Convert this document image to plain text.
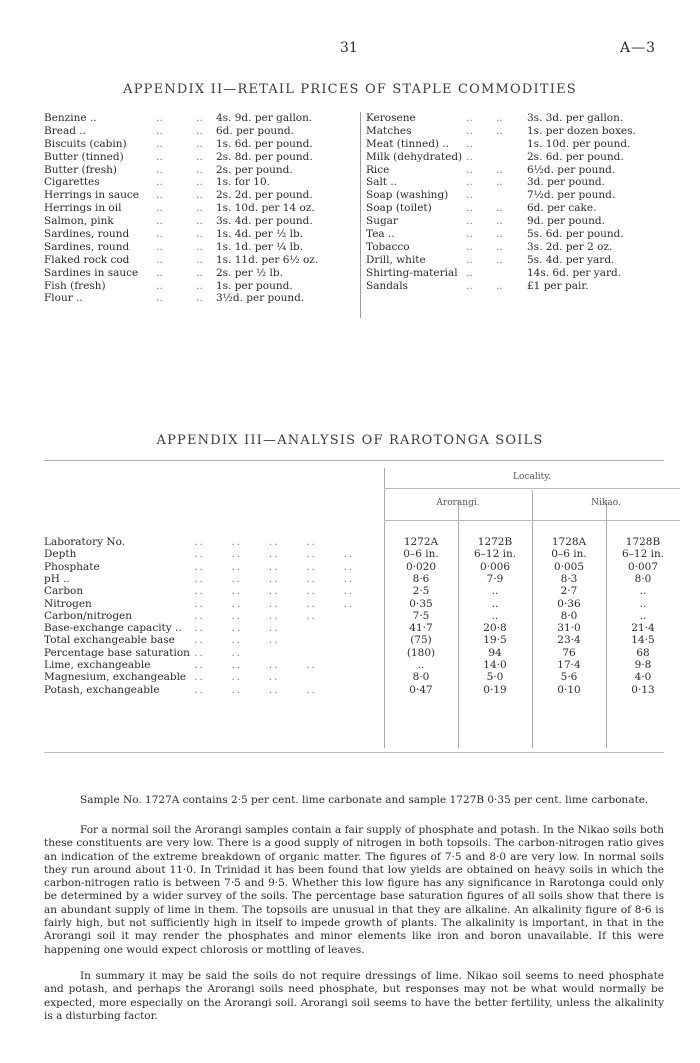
31	A—3
APPENDIX II—RETAIL PRICES OF STAPLE COMMODITIES
Benzine ..	..          .. 4s. 9d. per gallon.
Bread ..	..          .. 6d. per pound.
Biscuits (cabin)	..          .. 1s. 6d. per pound.
Butter (tinned)	..          .. 2s. 8d. per pound.
Butter (fresh)	..          .. 2s. per pound.
Cigarettes	..          .. 1s. for 10.
Herrings in sauce ..          .. 2s. 2d. per pound.
Herrings in oil	..          .. 1s. 10d. per 14 oz.
Salmon, pink	..          .. 3s. 4d. per pound.
Sardines, round	..          .. 1s. 4d. per ½ lb.
Sardines, round	..          .. 1s. 1d. per ¼ lb.
Flaked rock cod	..          .. 1s. 11d. per 6½ oz.
Sardines in sauce ..          .. 2s. per ½ lb.
Fish (fresh)	..          .. 1s. per pound.
Flour ..	..          .. 3½d. per pound.
Kerosene	..       .. 3s. 3d. per gallon.
Matches	..       .. 1s. per dozen boxes.
Meat (tinned) .. ..	1s. 10d. per pound.
Milk (dehydrated) ..	2s. 6d. per pound.
Rice	..       .. 6½d. per pound.
Salt ..	..       .. 3d. per pound.
Soap (washing) ..	7½d. per pound.
Soap (toilet)	..       .. 6d. per cake.
Sugar	..       .. 9d. per pound.
Tea ..	..       .. 5s. 6d. per pound.
Tobacco	..       .. 3s. 2d. per 2 oz.
Drill, white	..       .. 5s. 4d. per yard.
Shirting-material ..	14s. 6d. per yard.
Sandals	..       .. £1 per pair.
APPENDIX III—ANALYSIS OF RAROTONGA SOILS
Locality.
Arorangi.	Nikao.
Laboratory No.	..     ..     ..     ..	1272A	1272B	1728A	1728B
Depth	..     ..     ..     ..     ..	0–6 in.	6–12 in.	0–6 in.	6–12 in.
Phosphate	..     ..     ..     ..     ..	0·020	0·006	0·005	0·007
pH ..	..     ..     ..     ..     ..	8·6	7·9	8·3	8·0
Carbon	..     ..     ..     ..     ..	2·5	..	2·7	..
Nitrogen	..     ..     ..     ..     ..	0·35	..	0·36	..
Carbon/nitrogen	..     ..     ..     ..	7·5	..	8·0	..
Base-exchange capacity .. ..     ..     ..	41·7	20·8	31·0	21·4
Total exchangeable base ..     ..     ..	(75)	19·5	23·4	14·5
Percentage base saturation ..     ..	(180)	94	76	68
Lime, exchangeable	..     ..     ..     ..	..	14·0	17·4	9·8
Magnesium, exchangeable ..     ..     ..	8·0	5·0	5·6	4·0
Potash, exchangeable	..     ..     ..     ..	0·47	0·19	0·10	0·13

Sample No. 1727A contains 2·5 per cent. lime carbonate and sample 1727B 0·35 per cent. lime carbonate.

For a normal soil the Arorangi samples contain a fair supply of phosphate and potash. In the Nikao soils both these constituents are very low. There is a good supply of nitrogen in both topsoils. The carbon-nitrogen ratio gives an indication of the extreme breakdown of organic matter. The figures of 7·5 and 8·0 are very low. In normal soils they run around about 11·0. In Trinidad it has been found that low yields are obtained on heavy soils in which the carbon-nitrogen ratio is between 7·5 and 9·5. Whether this low figure has any significance in Rarotonga could only be determined by a wider survey of the soils. The percentage base saturation figures of all soils show that there is an abundant supply of lime in them. The topsoils are unusual in that they are alkaline. An alkalinity figure of 8·6 is fairly high, but not sufficiently high in itself to impede growth of plants. The alkalinity is important, in that in the Arorangi soil it may render the phosphates and minor elements like iron and boron unavailable. If this were happening one would expect chlorosis or mottling of leaves.

In summary it may be said the soils do not require dressings of lime. Nikao soil seems to need phosphate and potash, and perhaps the Arorangi soils need phosphate, but responses may not be what would normally be expected, more especially on the Arorangi soil. Arorangi soil seems to have the better fertility, unless the alkalinity is a disturbing factor.
